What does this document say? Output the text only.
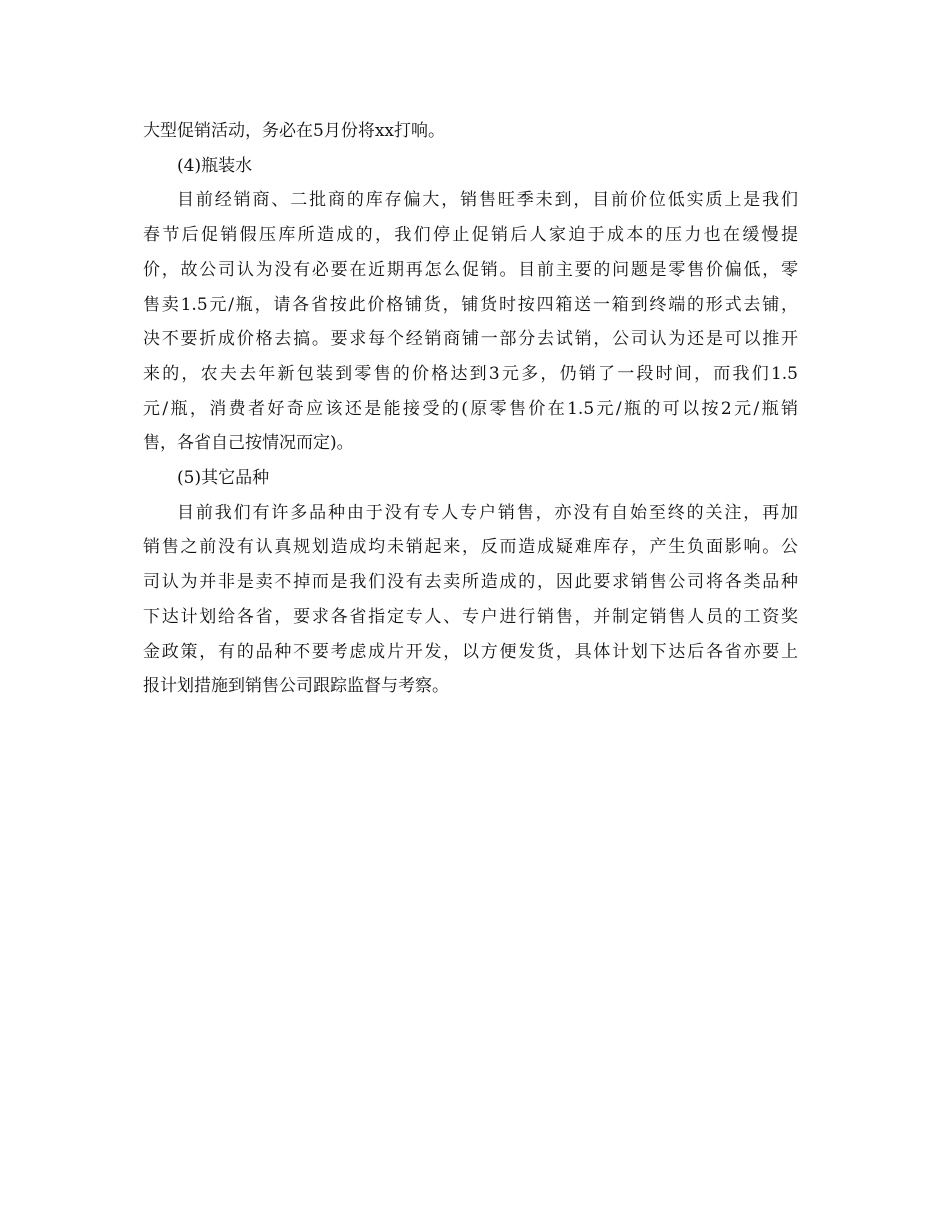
大型促销活动，务必在5月份将xx打响。

(4)瓶装水

目前经销商、二批商的库存偏大，销售旺季未到，目前价位低实质上是我们

春节后促销假压库所造成的，我们停止促销后人家迫于成本的压力也在缓慢提

价，故公司认为没有必要在近期再怎么促销。目前主要的问题是零售价偏低，零

售卖1.5元/瓶，请各省按此价格铺货，铺货时按四箱送一箱到终端的形式去铺，

决不要折成价格去搞。要求每个经销商铺一部分去试销，公司认为还是可以推开

来的，农夫去年新包装到零售的价格达到3元多，仍销了一段时间，而我们1.5

元/瓶，消费者好奇应该还是能接受的(原零售价在1.5元/瓶的可以按2元/瓶销

售，各省自己按情况而定)。

(5)其它品种

目前我们有许多品种由于没有专人专户销售，亦没有自始至终的关注，再加

销售之前没有认真规划造成均未销起来，反而造成疑难库存，产生负面影响。公

司认为并非是卖不掉而是我们没有去卖所造成的，因此要求销售公司将各类品种

下达计划给各省，要求各省指定专人、专户进行销售，并制定销售人员的工资奖

金政策，有的品种不要考虑成片开发，以方便发货，具体计划下达后各省亦要上

报计划措施到销售公司跟踪监督与考察。
